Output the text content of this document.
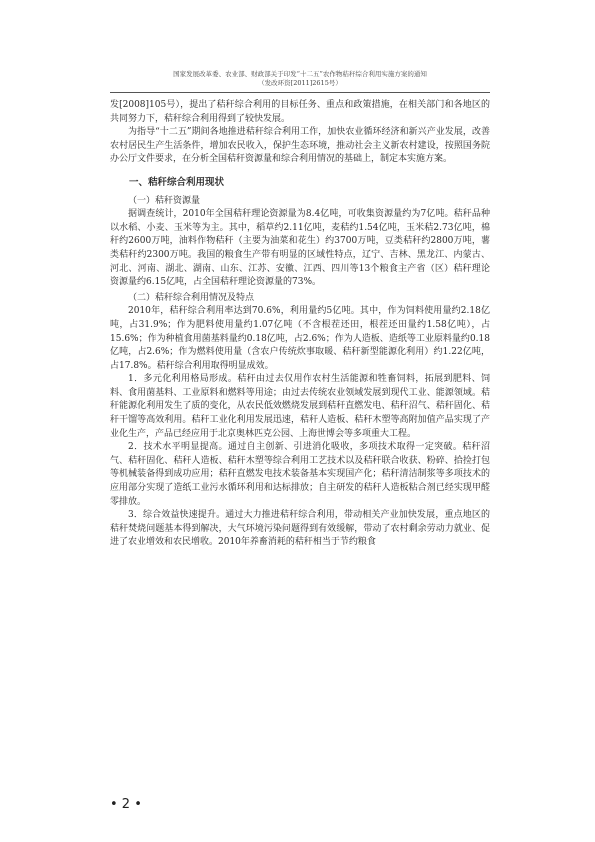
国家发展改革委、农业部、财政部关于印发“十二五”农作物秸秆综合利用实施方案的通知
（发改环资[2011]2615号）

发[2008]105号），提出了秸秆综合利用的目标任务、重点和政策措施，在相关部门和各地区的共同努力下，秸秆综合利用得到了较快发展。

为指导“十二五”期间各地推进秸秆综合利用工作，加快农业循环经济和新兴产业发展，改善农村居民生产生活条件，增加农民收入，保护生态环境，推动社会主义新农村建设，按照国务院办公厅文件要求，在分析全国秸秆资源量和综合利用情况的基础上，制定本实施方案。

一、秸秆综合利用现状

（一）秸秆资源量

据调查统计，2010年全国秸秆理论资源量为8.4亿吨，可收集资源量约为7亿吨。秸秆品种以水稻、小麦、玉米等为主。其中，稻草约2.11亿吨，麦秸约1.54亿吨，玉米秸2.73亿吨，棉秆约2600万吨，油料作物秸秆（主要为油菜和花生）约3700万吨，豆类秸秆约2800万吨，薯类秸秆约2300万吨。我国的粮食生产带有明显的区域性特点，辽宁、吉林、黑龙江、内蒙古、河北、河南、湖北、湖南、山东、江苏、安徽、江西、四川等13个粮食主产省（区）秸秆理论资源量约6.15亿吨，占全国秸秆理论资源量的73%。

（二）秸秆综合利用情况及特点

2010年，秸秆综合利用率达到70.6%，利用量约5亿吨。其中，作为饲料使用量约2.18亿吨，占31.9%；作为肥料使用量约1.07亿吨（不含根茬还田，根茬还田量约1.58亿吨），占15.6%；作为种植食用菌基料量约0.18亿吨，占2.6%；作为人造板、造纸等工业原料量约0.18亿吨，占2.6%；作为燃料使用量（含农户传统炊事取暖、秸秆新型能源化利用）约1.22亿吨，占17.8%。秸秆综合利用取得明显成效。

1．多元化利用格局形成。秸秆由过去仅用作农村生活能源和牲畜饲料，拓展到肥料、饲料、食用菌基料、工业原料和燃料等用途；由过去传统农业领域发展到现代工业、能源领域。秸秆能源化利用发生了质的变化，从农民低效燃烧发展到秸秆直燃发电、秸秆沼气、秸秆固化、秸秆干馏等高效利用。秸秆工业化利用发展迅速，秸秆人造板、秸秆木塑等高附加值产品实现了产业化生产，产品已经应用于北京奥林匹克公园、上海世博会等多项重大工程。

2．技术水平明显提高。通过自主创新、引进消化吸收，多项技术取得一定突破。秸秆沼气、秸秆固化、秸秆人造板、秸秆木塑等综合利用工艺技术以及秸秆联合收获、粉碎、拾捡打包等机械装备得到成功应用；秸秆直燃发电技术装备基本实现国产化；秸秆清洁制浆等多项技术的应用部分实现了造纸工业污水循环利用和达标排放；自主研发的秸秆人造板粘合剂已经实现甲醛零排放。

3．综合效益快速提升。通过大力推进秸秆综合利用，带动相关产业加快发展，重点地区的秸秆焚烧问题基本得到解决，大气环境污染问题得到有效缓解，带动了农村剩余劳动力就业、促进了农业增效和农民增收。2010年养畜消耗的秸秆相当于节约粮食

• 2 •
